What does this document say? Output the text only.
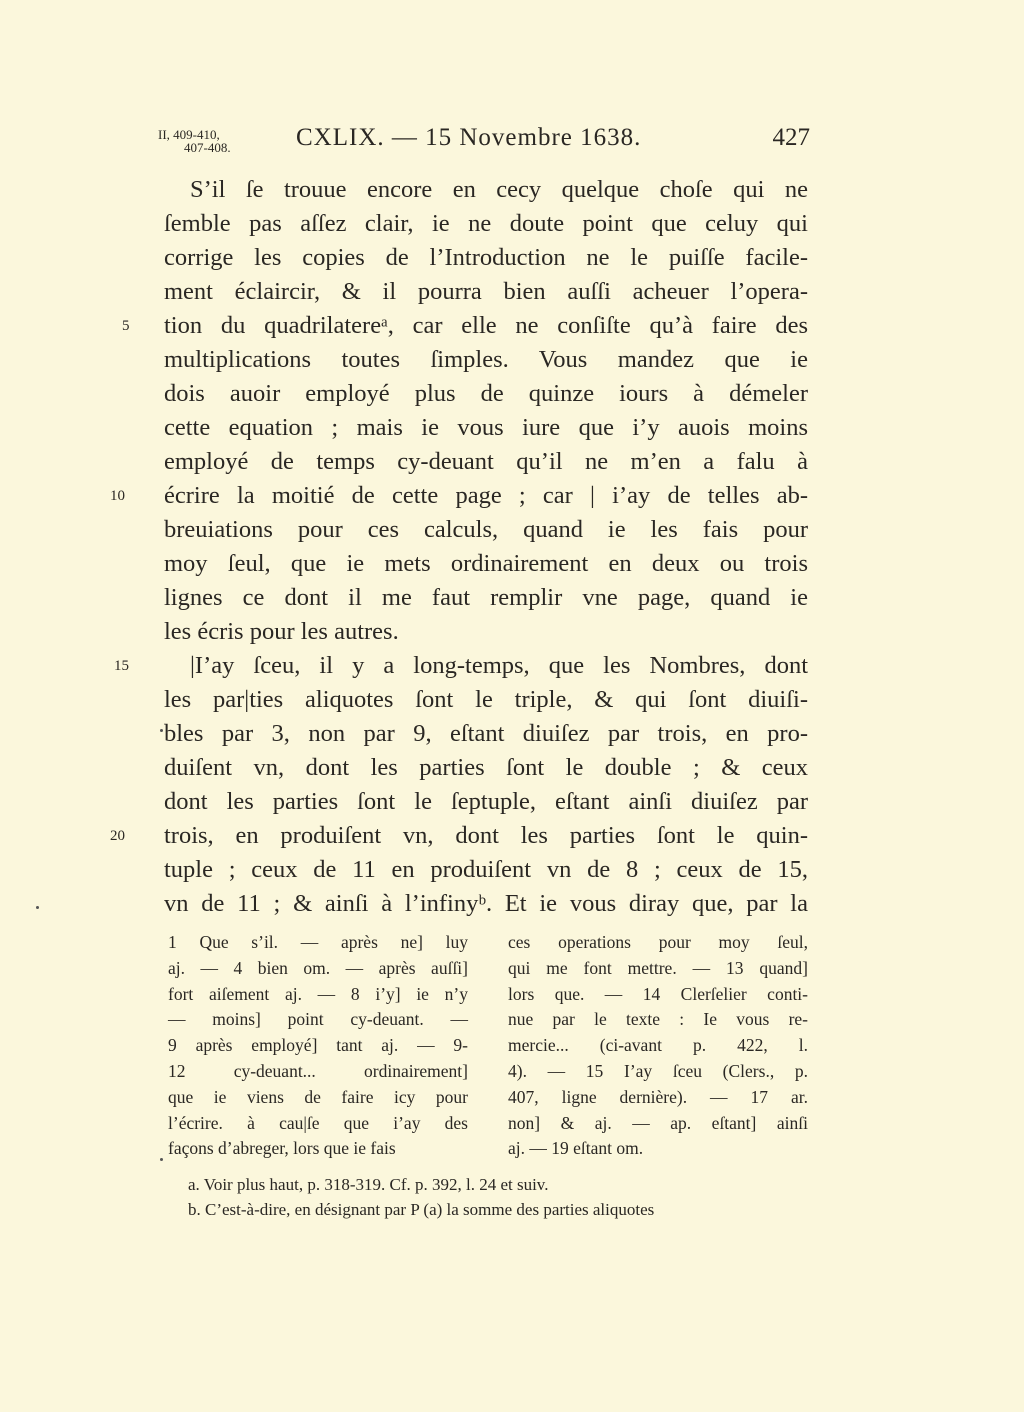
II, 409-410,
407-408.	CXLIX. — 15 Novembre 1638.	427
5
10
15
20
S’il ſe trouue encore en cecy quelque choſe qui ne
ſemble pas aſſez clair, ie ne doute point que celuy qui
corrige les copies de l’Introduction ne le puiſſe facile-
ment éclaircir, & il pourra bien auſſi acheuer l’opera-
tion du quadrilatereᵃ, car elle ne conſiſte qu’à faire des
multiplications toutes ſimples. Vous mandez que ie
dois auoir employé plus de quinze iours à démeler
cette equation ; mais ie vous iure que i’y auois moins
employé de temps cy-deuant qu’il ne m’en a falu à
écrire la moitié de cette page ; car | i’ay de telles ab-
breuiations pour ces calculs, quand ie les fais pour
moy ſeul, que ie mets ordinairement en deux ou trois
lignes ce dont il me faut remplir vne page, quand ie
les écris pour les autres.
|I’ay ſceu, il y a long-temps, que les Nombres, dont
les par|ties aliquotes ſont le triple, & qui ſont diuiſi-
bles par 3, non par 9, eſtant diuiſez par trois, en pro-
duiſent vn, dont les parties ſont le double ; & ceux
dont les parties ſont le ſeptuple, eſtant ainſi diuiſez par
trois, en produiſent vn, dont les parties ſont le quin-
tuple ; ceux de 11 en produiſent vn de 8 ; ceux de 15,
vn de 11 ; & ainſi à l’infinyᵇ. Et ie vous diray que, par la
1 Que s’il. — après ne] luy
aj. — 4 bien om. — après auſſi]
fort aiſement aj. — 8 i’y] ie n’y
— moins] point cy-deuant. —
9 après employé] tant aj. — 9-
12 cy-deuant... ordinairement]
que ie viens de faire icy pour
l’écrire. à cau|ſe que i’ay des
façons d’abreger, lors que ie fais
ces operations pour moy ſeul,
qui me font mettre. — 13 quand]
lors que. — 14 Clerſelier conti-
nue par le texte : Ie vous re-
mercie... (ci-avant p. 422, l.
4). — 15 I’ay ſceu (Clers., p.
407, ligne dernière). — 17 ar.
non] & aj. — ap. eſtant] ainſi
aj. — 19 eſtant om.
a. Voir plus haut, p. 318-319. Cf. p. 392, l. 24 et suiv.
b. C’est-à-dire, en désignant par P (a) la somme des parties aliquotes
